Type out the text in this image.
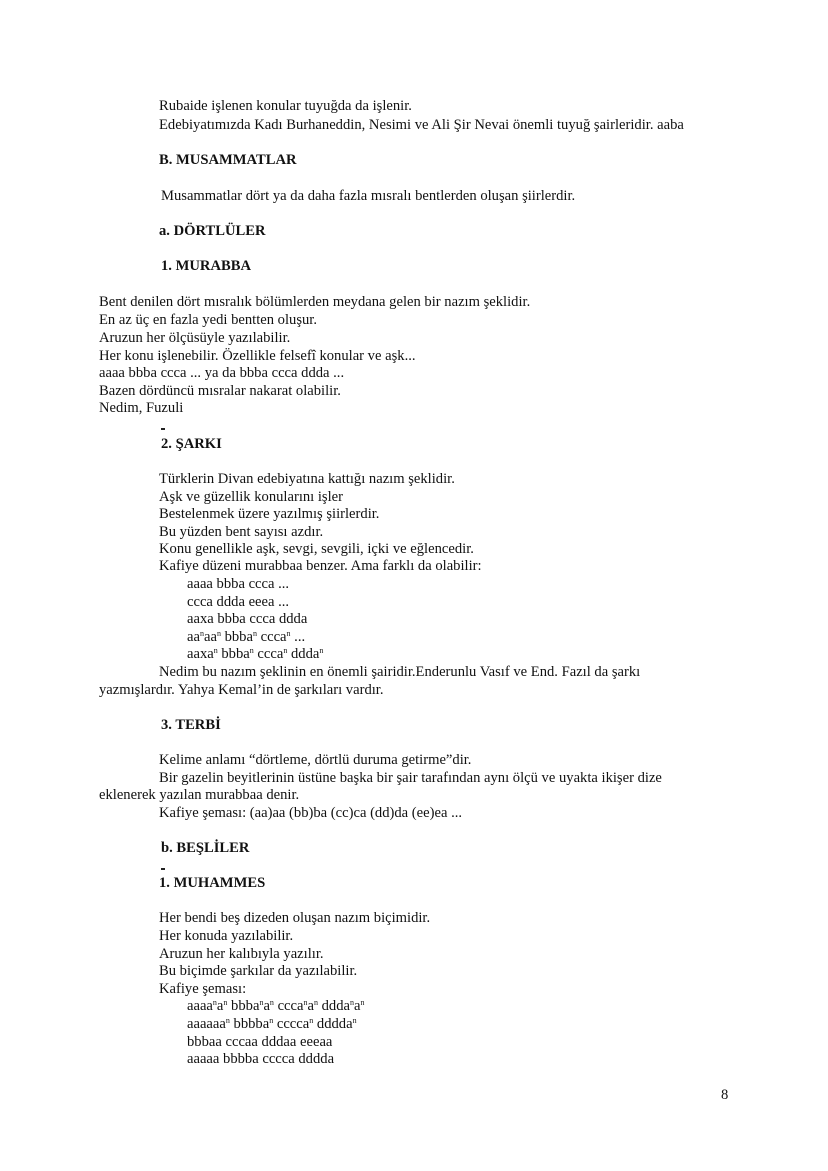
Rubaide işlenen konular tuyuğda da işlenir.
Edebiyatımızda Kadı Burhaneddin, Nesimi ve Ali Şir Nevai önemli tuyuğ şairleridir. aaba
B. MUSAMMATLAR
Musammatlar dört ya da daha fazla mısralı bentlerden oluşan şiirlerdir.
a. DÖRTLÜLER
1. MURABBA
Bent denilen dört mısralık bölümlerden meydana gelen bir nazım şeklidir.
En az üç en fazla yedi bentten oluşur.
Aruzun her ölçüsüyle yazılabilir.
Her konu işlenebilir. Özellikle felsefî konular ve aşk...
aaaa bbba ccca ... ya da bbba ccca ddda ...
Bazen dördüncü mısralar nakarat olabilir.
Nedim, Fuzuli
2. ŞARKI
Türklerin Divan edebiyatına kattığı nazım şeklidir.
Aşk ve güzellik konularını işler
Bestelenmek üzere yazılmış şiirlerdir.
Bu yüzden bent sayısı azdır.
Konu genellikle aşk, sevgi, sevgili, içki ve eğlencedir.
Kafiye düzeni murabbaa benzer. Ama farklı da olabilir:
aaaa bbba ccca ...
ccca ddda eeea ...
aaxa bbba ccca ddda
$aa^naa^n$ bbba$^n$ ccca$^n$ ...
aaxa$^n$ bbba$^n$ ccca$^n$ ddda$^n$
Nedim bu nazım şeklinin en önemli şairidir.Enderunlu Vasıf ve End. Fazıl da şarkı
yazmışlardır. Yahya Kemal’in de şarkıları vardır.
3. TERBİ
Kelime anlamı “dörtleme, dörtlü duruma getirme”dir.
Bir gazelin beyitlerinin üstüne başka bir şair tarafından aynı ölçü ve uyakta ikişer dize
eklenerek yazılan murabbaa denir.
Kafiye şeması: (aa)aa (bb)ba (cc)ca (dd)da (ee)ea ...
b. BEŞLİLER
1. MUHAMMES
Her bendi beş dizeden oluşan nazım biçimidir.
Her konuda yazılabilir.
Aruzun her kalıbıyla yazılır.
Bu biçimde şarkılar da yazılabilir.
Kafiye şeması:
$aaaa^na^n$ $bbba^na^n$ $ccca^na^n$ $ddda^na^n$
aaaaaa$^n$ bbbba$^n$ cccca$^n$ dddda$^n$
bbbaa cccaa dddaa eeeaa
aaaaa bbbba cccca dddda
8
